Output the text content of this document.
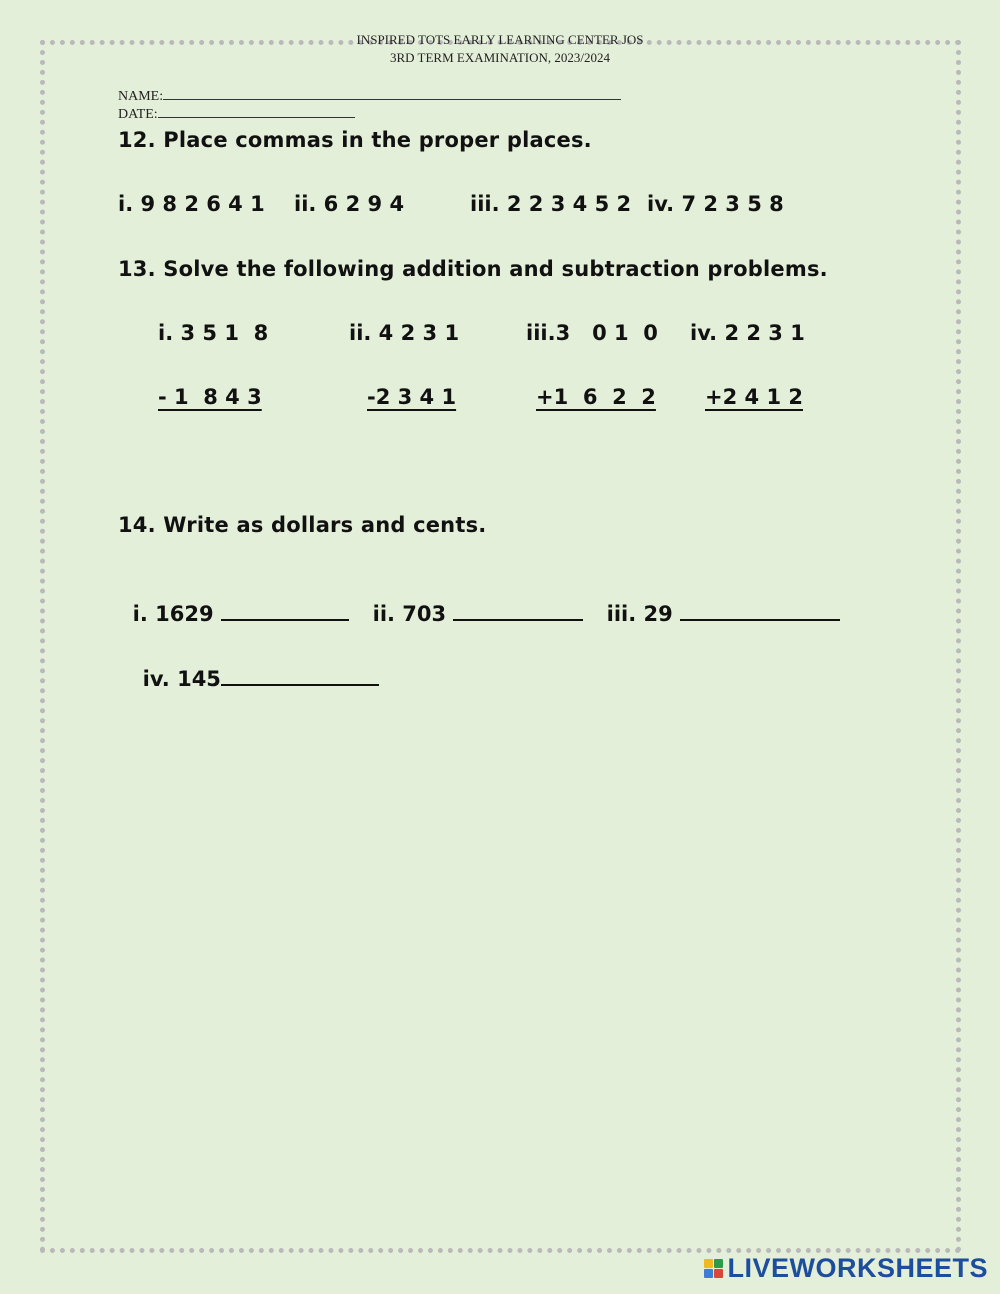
INSPIRED TOTS EARLY LEARNING CENTER JOS
3RD TERM EXAMINATION, 2023/2024
NAME:
DATE:
12. Place commas in the proper places.
i. 9 8 2 6 4 1 ii. 6 2 9 4	iii. 2 2 3 4 5 2 iv. 7 2 3 5 8
13. Solve the following addition and subtraction problems.
i. 3 5 1  8	ii. 4 2 3 1	iii.3   0 1  0 iv. 2 2 3 1
- 1  8 4 3	-2 3 4 1	+1  6  2  2 +2 4 1 2
14. Write as dollars and cents.

i. 1629	ii. 703	iii. 29

iv. 145

LIVEWORKSHEETS
